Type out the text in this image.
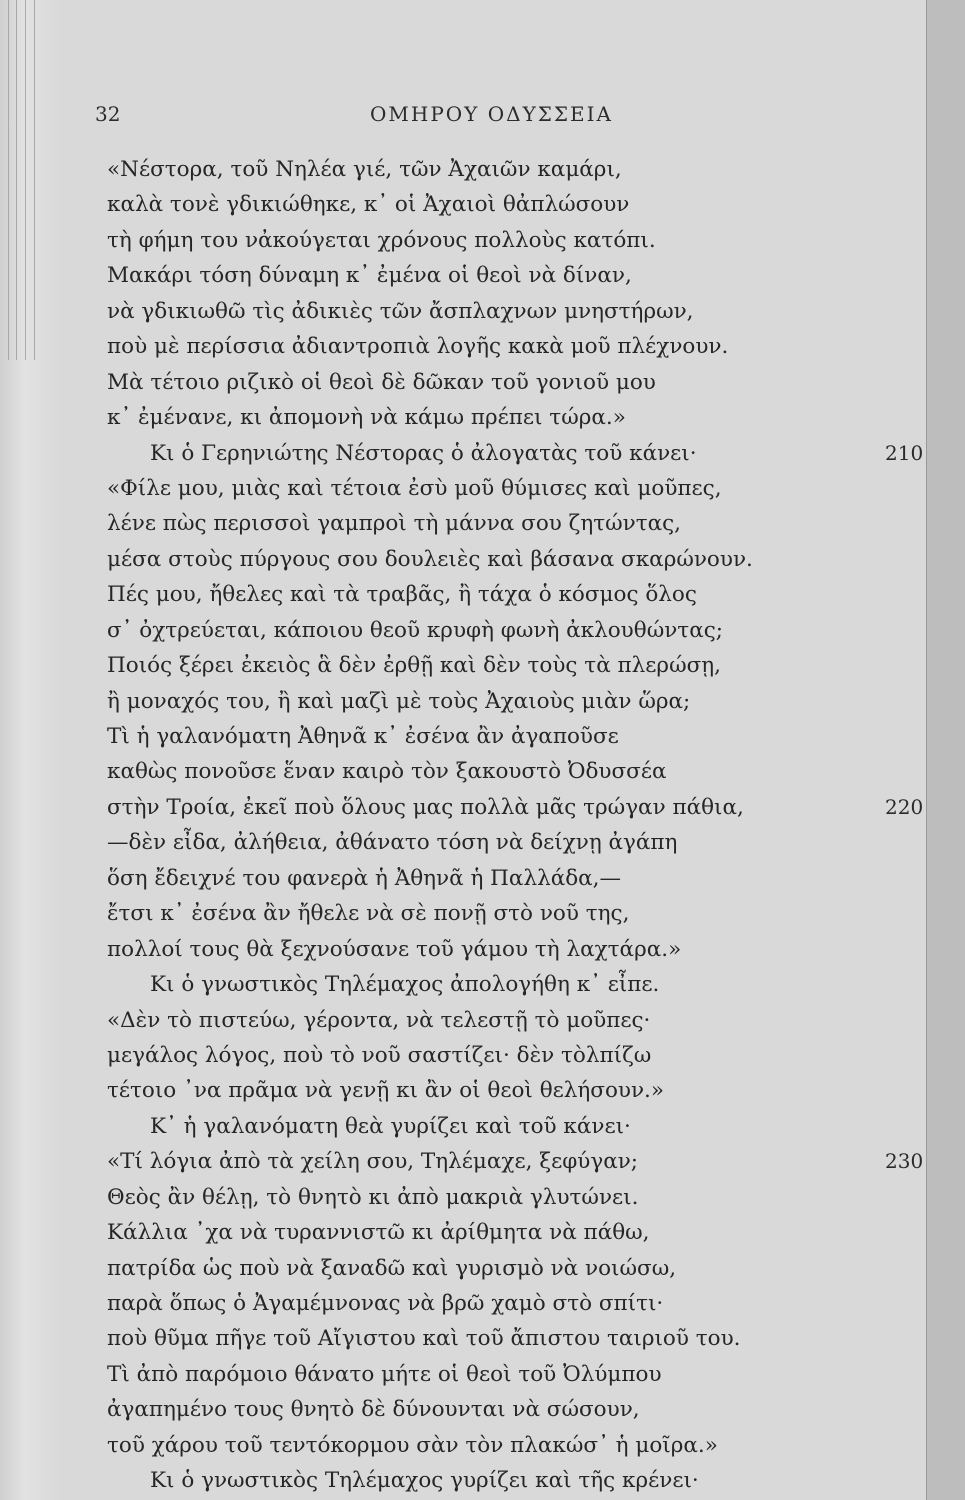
32	ΟΜΗΡΟΥ ΟΔΥΣΣΕΙΑ
«Νέστορα, τοῦ Νηλέα γιέ, τῶν Ἀχαιῶν καμάρι,
καλὰ τονὲ γδικιώθηκε, κ᾽ οἱ Ἀχαιοὶ θἀπλώσουν
τὴ φήμη του νἀκούγεται χρόνους πολλοὺς κατόπι.
Μακάρι τόση δύναμη κ᾽ ἐμένα οἱ θεοὶ νὰ δίναν,
νὰ γδικιωθῶ τὶς ἀδικιὲς τῶν ἄσπλαχνων μνηστήρων,
ποὺ μὲ περίσσια ἀδιαντροπιὰ λογῆς κακὰ μοῦ πλέχνουν.
Μὰ τέτοιο ριζικὸ οἱ θεοὶ δὲ δῶκαν τοῦ γονιοῦ μου
κ᾽ ἐμένανε, κι ἀπομονὴ νὰ κάμω πρέπει τώρα.»
Κι ὁ Γερηνιώτης Νέστορας ὁ ἀλογατὰς τοῦ κάνει·	210
«Φίλε μου, μιὰς καὶ τέτοια ἐσὺ μοῦ θύμισες καὶ μοῦπες,
λένε πὼς περισσοὶ γαμπροὶ τὴ μάννα σου ζητώντας,
μέσα στοὺς πύργους σου δουλειὲς καὶ βάσανα σκαρώνουν.
Πές μου, ἤθελες καὶ τὰ τραβᾶς, ἢ τάχα ὁ κόσμος ὅλος
σ᾽ ὀχτρεύεται, κάποιου θεοῦ κρυφὴ φωνὴ ἀκλουθώντας;
Ποιός ξέρει ἐκειὸς ἃ δὲν ἐρθῇ καὶ δὲν τοὺς τὰ πλερώσῃ,
ἢ μοναχός του, ἢ καὶ μαζὶ μὲ τοὺς Ἀχαιοὺς μιὰν ὥρα;
Τὶ ἡ γαλανόματη Ἀθηνᾶ κ᾽ ἐσένα ἂν ἀγαποῦσε
καθὼς πονοῦσε ἕναν καιρὸ τὸν ξακουστὸ Ὀδυσσέα
στὴν Τροία, ἐκεῖ ποὺ ὅλους μας πολλὰ μᾶς τρώγαν πάθια,	220
—δὲν εἶδα, ἀλήθεια, ἀθάνατο τόση νὰ δείχνῃ ἀγάπη
ὅση ἔδειχνέ του φανερὰ ἡ Ἀθηνᾶ ἡ Παλλάδα,—
ἔτσι κ᾽ ἐσένα ἂν ἤθελε νὰ σὲ πονῇ στὸ νοῦ της,
πολλοί τους θὰ ξεχνούσανε τοῦ γάμου τὴ λαχτάρα.»
Κι ὁ γνωστικὸς Τηλέμαχος ἀπολογήθη κ᾽ εἶπε.
«Δὲν τὸ πιστεύω, γέροντα, νὰ τελεστῇ τὸ μοῦπες·
μεγάλος λόγος, ποὺ τὸ νοῦ σαστίζει· δὲν τὸλπίζω
τέτοιο ᾽να πρᾶμα νὰ γενῇ κι ἂν οἱ θεοὶ θελήσουν.»
Κ᾽ ἡ γαλανόματη θεὰ γυρίζει καὶ τοῦ κάνει·
«Τί λόγια ἀπὸ τὰ χείλη σου, Τηλέμαχε, ξεφύγαν;	230
Θεὸς ἂν θέλῃ, τὸ θνητὸ κι ἀπὸ μακριὰ γλυτώνει.
Κάλλια ᾽χα νὰ τυραννιστῶ κι ἀρίθμητα νὰ πάθω,
πατρίδα ὡς ποὺ νὰ ξαναδῶ καὶ γυρισμὸ νὰ νοιώσω,
παρὰ ὅπως ὁ Ἀγαμέμνονας νὰ βρῶ χαμὸ στὸ σπίτι·
ποὺ θῦμα πῆγε τοῦ Αἴγιστου καὶ τοῦ ἄπιστου ταιριοῦ του.
Τὶ ἀπὸ παρόμοιο θάνατο μήτε οἱ θεοὶ τοῦ Ὀλύμπου
ἀγαπημένο τους θνητὸ δὲ δύνουνται νὰ σώσουν,
τοῦ χάρου τοῦ τεντόκορμου σὰν τὸν πλακώσ᾽ ἡ μοῖρα.»
Κι ὁ γνωστικὸς Τηλέμαχος γυρίζει καὶ τῆς κρένει·
